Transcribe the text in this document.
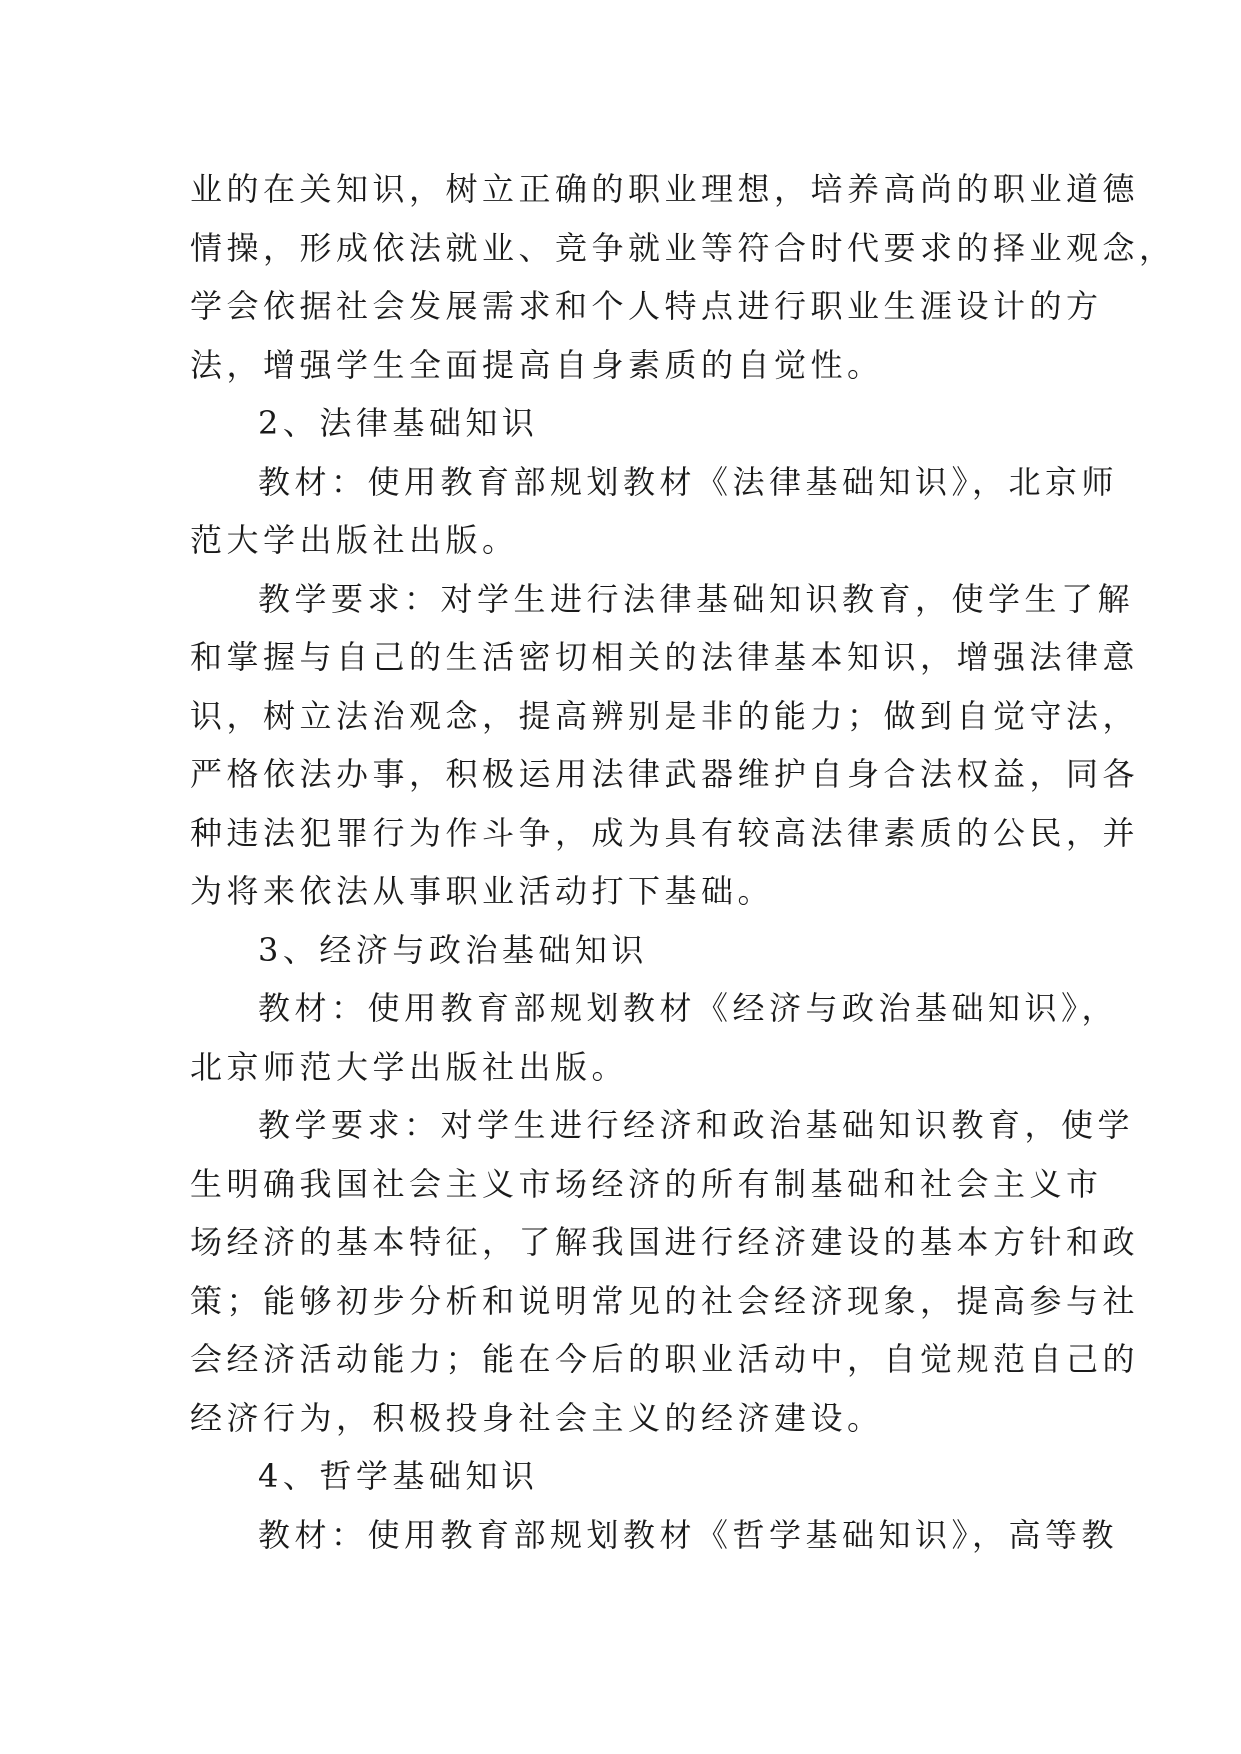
业的在关知识，树立正确的职业理想，培养高尚的职业道德
情操，形成依法就业、竞争就业等符合时代要求的择业观念，
学会依据社会发展需求和个人特点进行职业生涯设计的方
法，增强学生全面提高自身素质的自觉性。
2、法律基础知识
教材：使用教育部规划教材《法律基础知识》，北京师
范大学出版社出版。
教学要求：对学生进行法律基础知识教育，使学生了解
和掌握与自己的生活密切相关的法律基本知识，增强法律意
识，树立法治观念，提高辨别是非的能力；做到自觉守法，
严格依法办事，积极运用法律武器维护自身合法权益，同各
种违法犯罪行为作斗争，成为具有较高法律素质的公民，并
为将来依法从事职业活动打下基础。
3、经济与政治基础知识
教材：使用教育部规划教材《经济与政治基础知识》，
北京师范大学出版社出版。
教学要求：对学生进行经济和政治基础知识教育，使学
生明确我国社会主义市场经济的所有制基础和社会主义市
场经济的基本特征，了解我国进行经济建设的基本方针和政
策；能够初步分析和说明常见的社会经济现象，提高参与社
会经济活动能力；能在今后的职业活动中，自觉规范自己的
经济行为，积极投身社会主义的经济建设。
4、哲学基础知识
教材：使用教育部规划教材《哲学基础知识》，高等教
